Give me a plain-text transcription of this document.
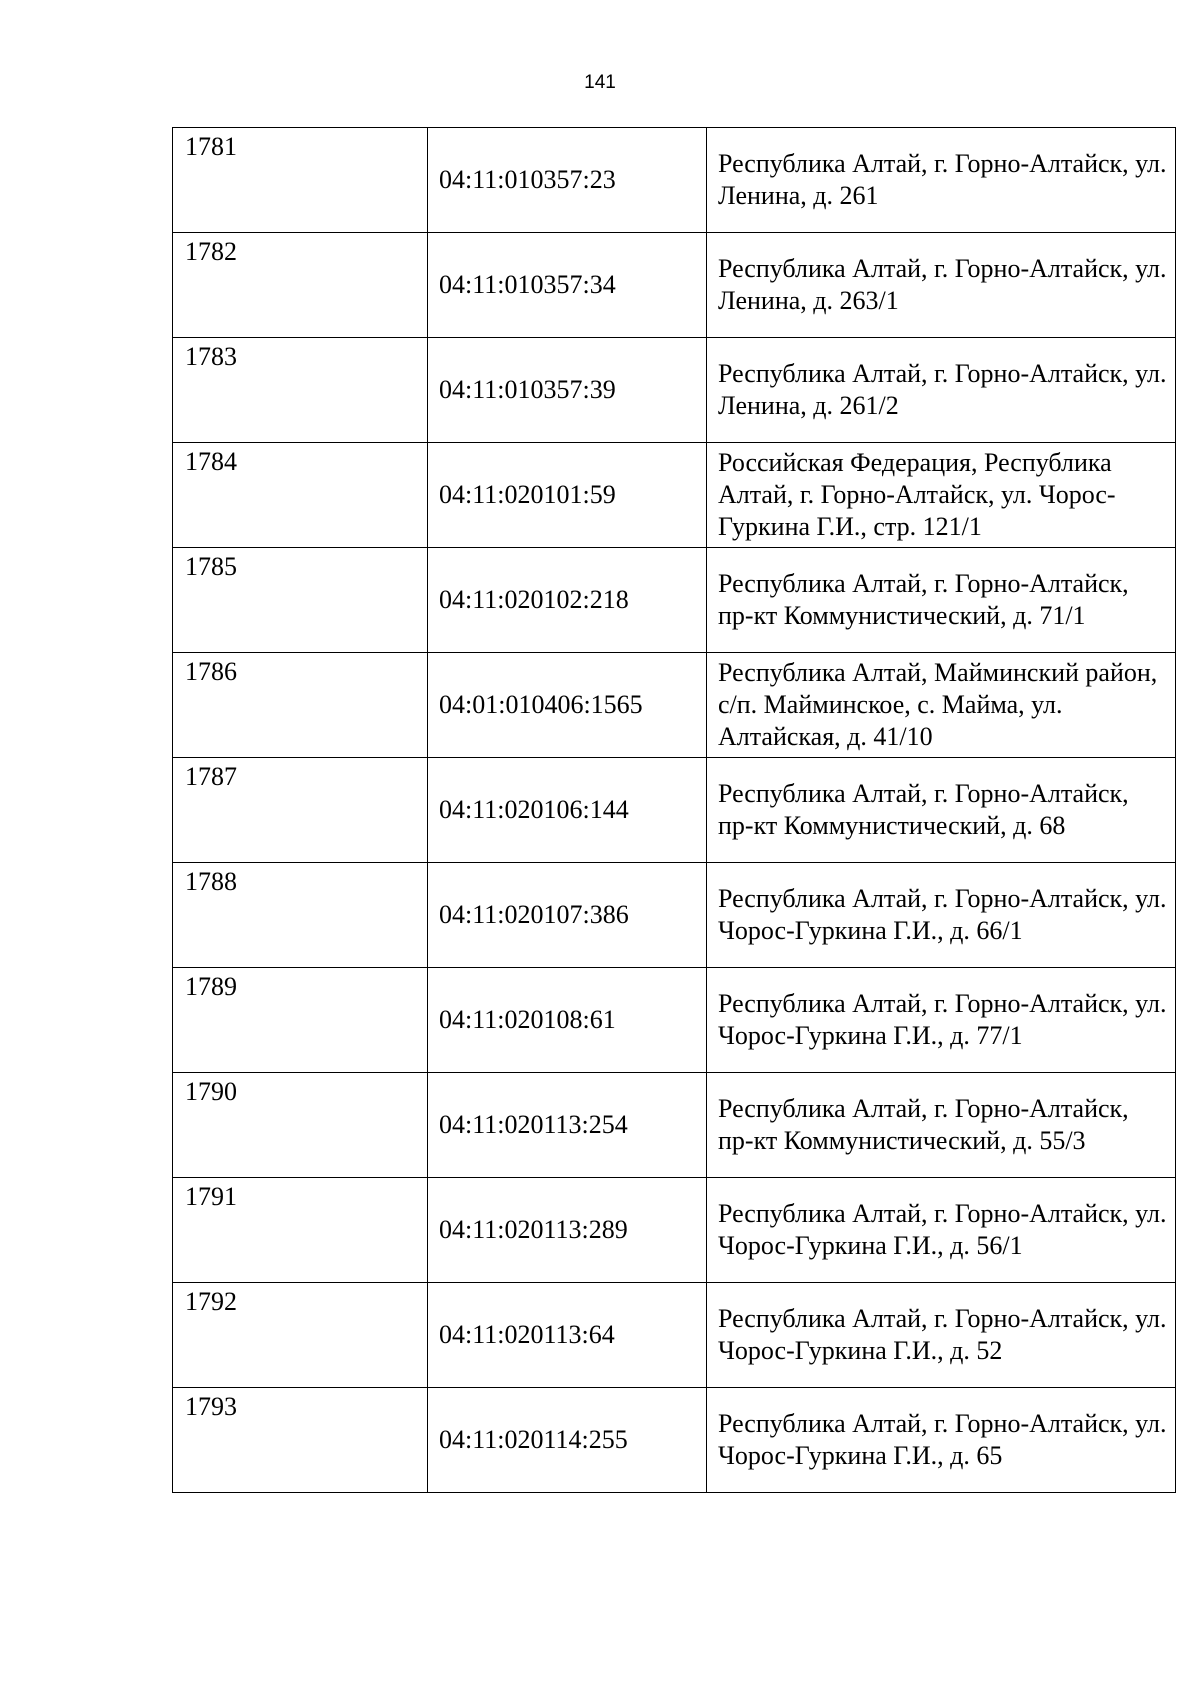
141
1781	04:11:010357:23	Республика Алтай, г. Горно-Алтайск, ул. Ленина, д. 261
1782	04:11:010357:34	Республика Алтай, г. Горно-Алтайск, ул. Ленина, д. 263/1
1783	04:11:010357:39	Республика Алтай, г. Горно-Алтайск, ул. Ленина, д. 261/2
1784	04:11:020101:59	Российская Федерация, Республика Алтай, г. Горно-Алтайск, ул. Чорос-Гуркина Г.И., стр. 121/1
1785	04:11:020102:218	Республика Алтай, г. Горно-Алтайск, пр-кт Коммунистический, д. 71/1
1786	04:01:010406:1565	Республика Алтай, Майминский район, с/п. Майминское, с. Майма, ул. Алтайская, д. 41/10
1787	04:11:020106:144	Республика Алтай, г. Горно-Алтайск, пр-кт Коммунистический, д. 68
1788	04:11:020107:386	Республика Алтай, г. Горно-Алтайск, ул. Чорос-Гуркина Г.И., д. 66/1
1789	04:11:020108:61	Республика Алтай, г. Горно-Алтайск, ул. Чорос-Гуркина Г.И., д. 77/1
1790	04:11:020113:254	Республика Алтай, г. Горно-Алтайск, пр-кт Коммунистический, д. 55/3
1791	04:11:020113:289	Республика Алтай, г. Горно-Алтайск, ул. Чорос-Гуркина Г.И., д. 56/1
1792	04:11:020113:64	Республика Алтай, г. Горно-Алтайск, ул. Чорос-Гуркина Г.И., д. 52
1793	04:11:020114:255	Республика Алтай, г. Горно-Алтайск, ул. Чорос-Гуркина Г.И., д. 65
